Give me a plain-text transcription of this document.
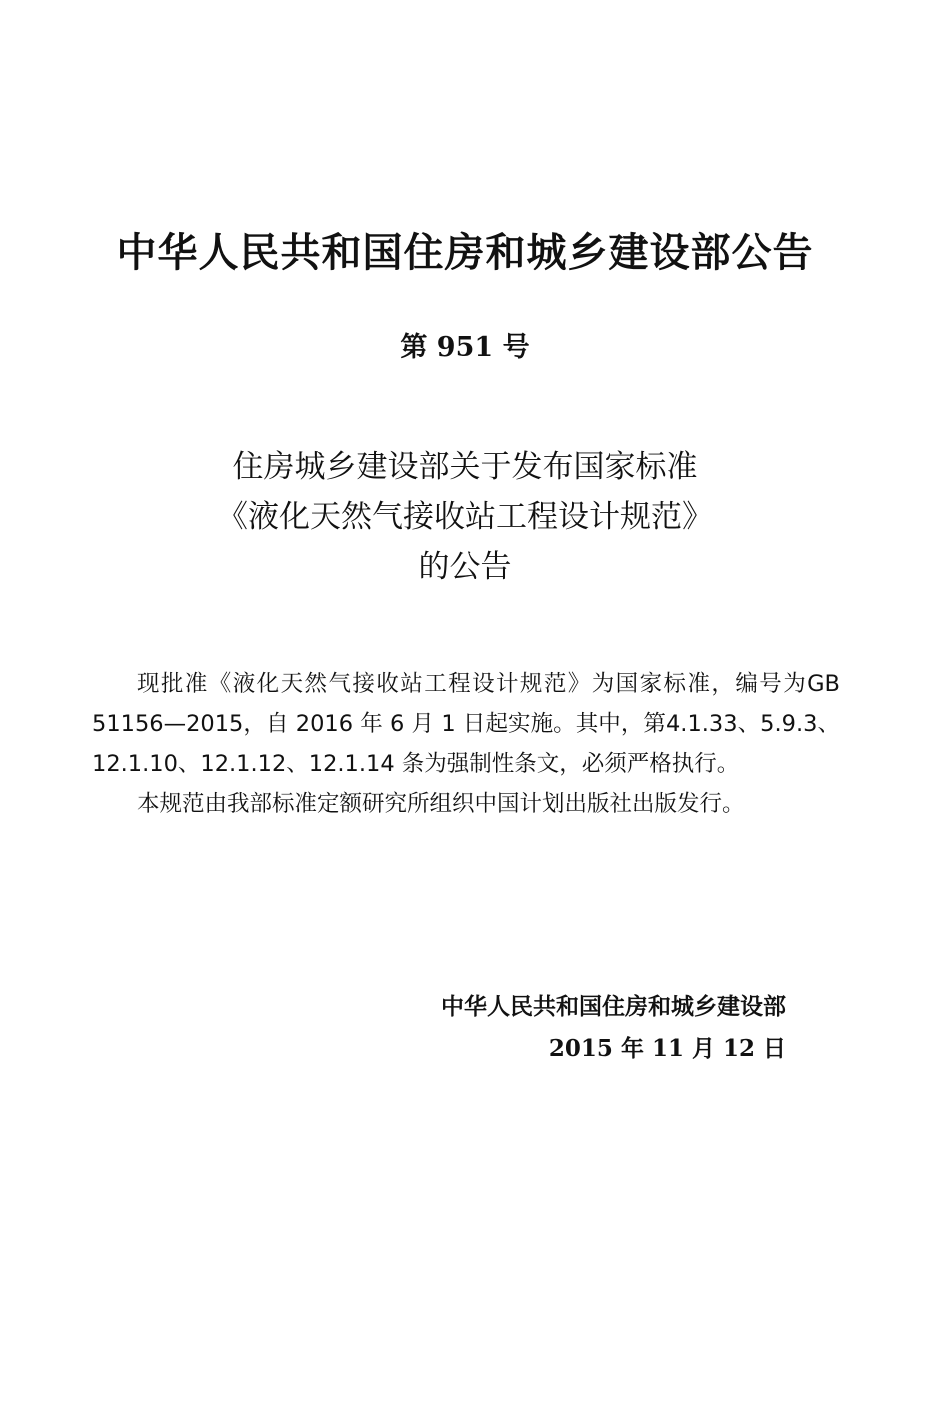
中华人民共和国住房和城乡建设部公告
第 951 号
住房城乡建设部关于发布国家标准
《液化天然气接收站工程设计规范》
的公告

现批准《液化天然气接收站工程设计规范》为国家标准，编号为GB 51156—2015，自 2016 年 6 月 1 日起实施。其中，第4.1.33、5.9.3、12.1.10、12.1.12、12.1.14 条为强制性条文，必须严格执行。

本规范由我部标准定额研究所组织中国计划出版社出版发行。

中华人民共和国住房和城乡建设部
2015 年 11 月 12 日
